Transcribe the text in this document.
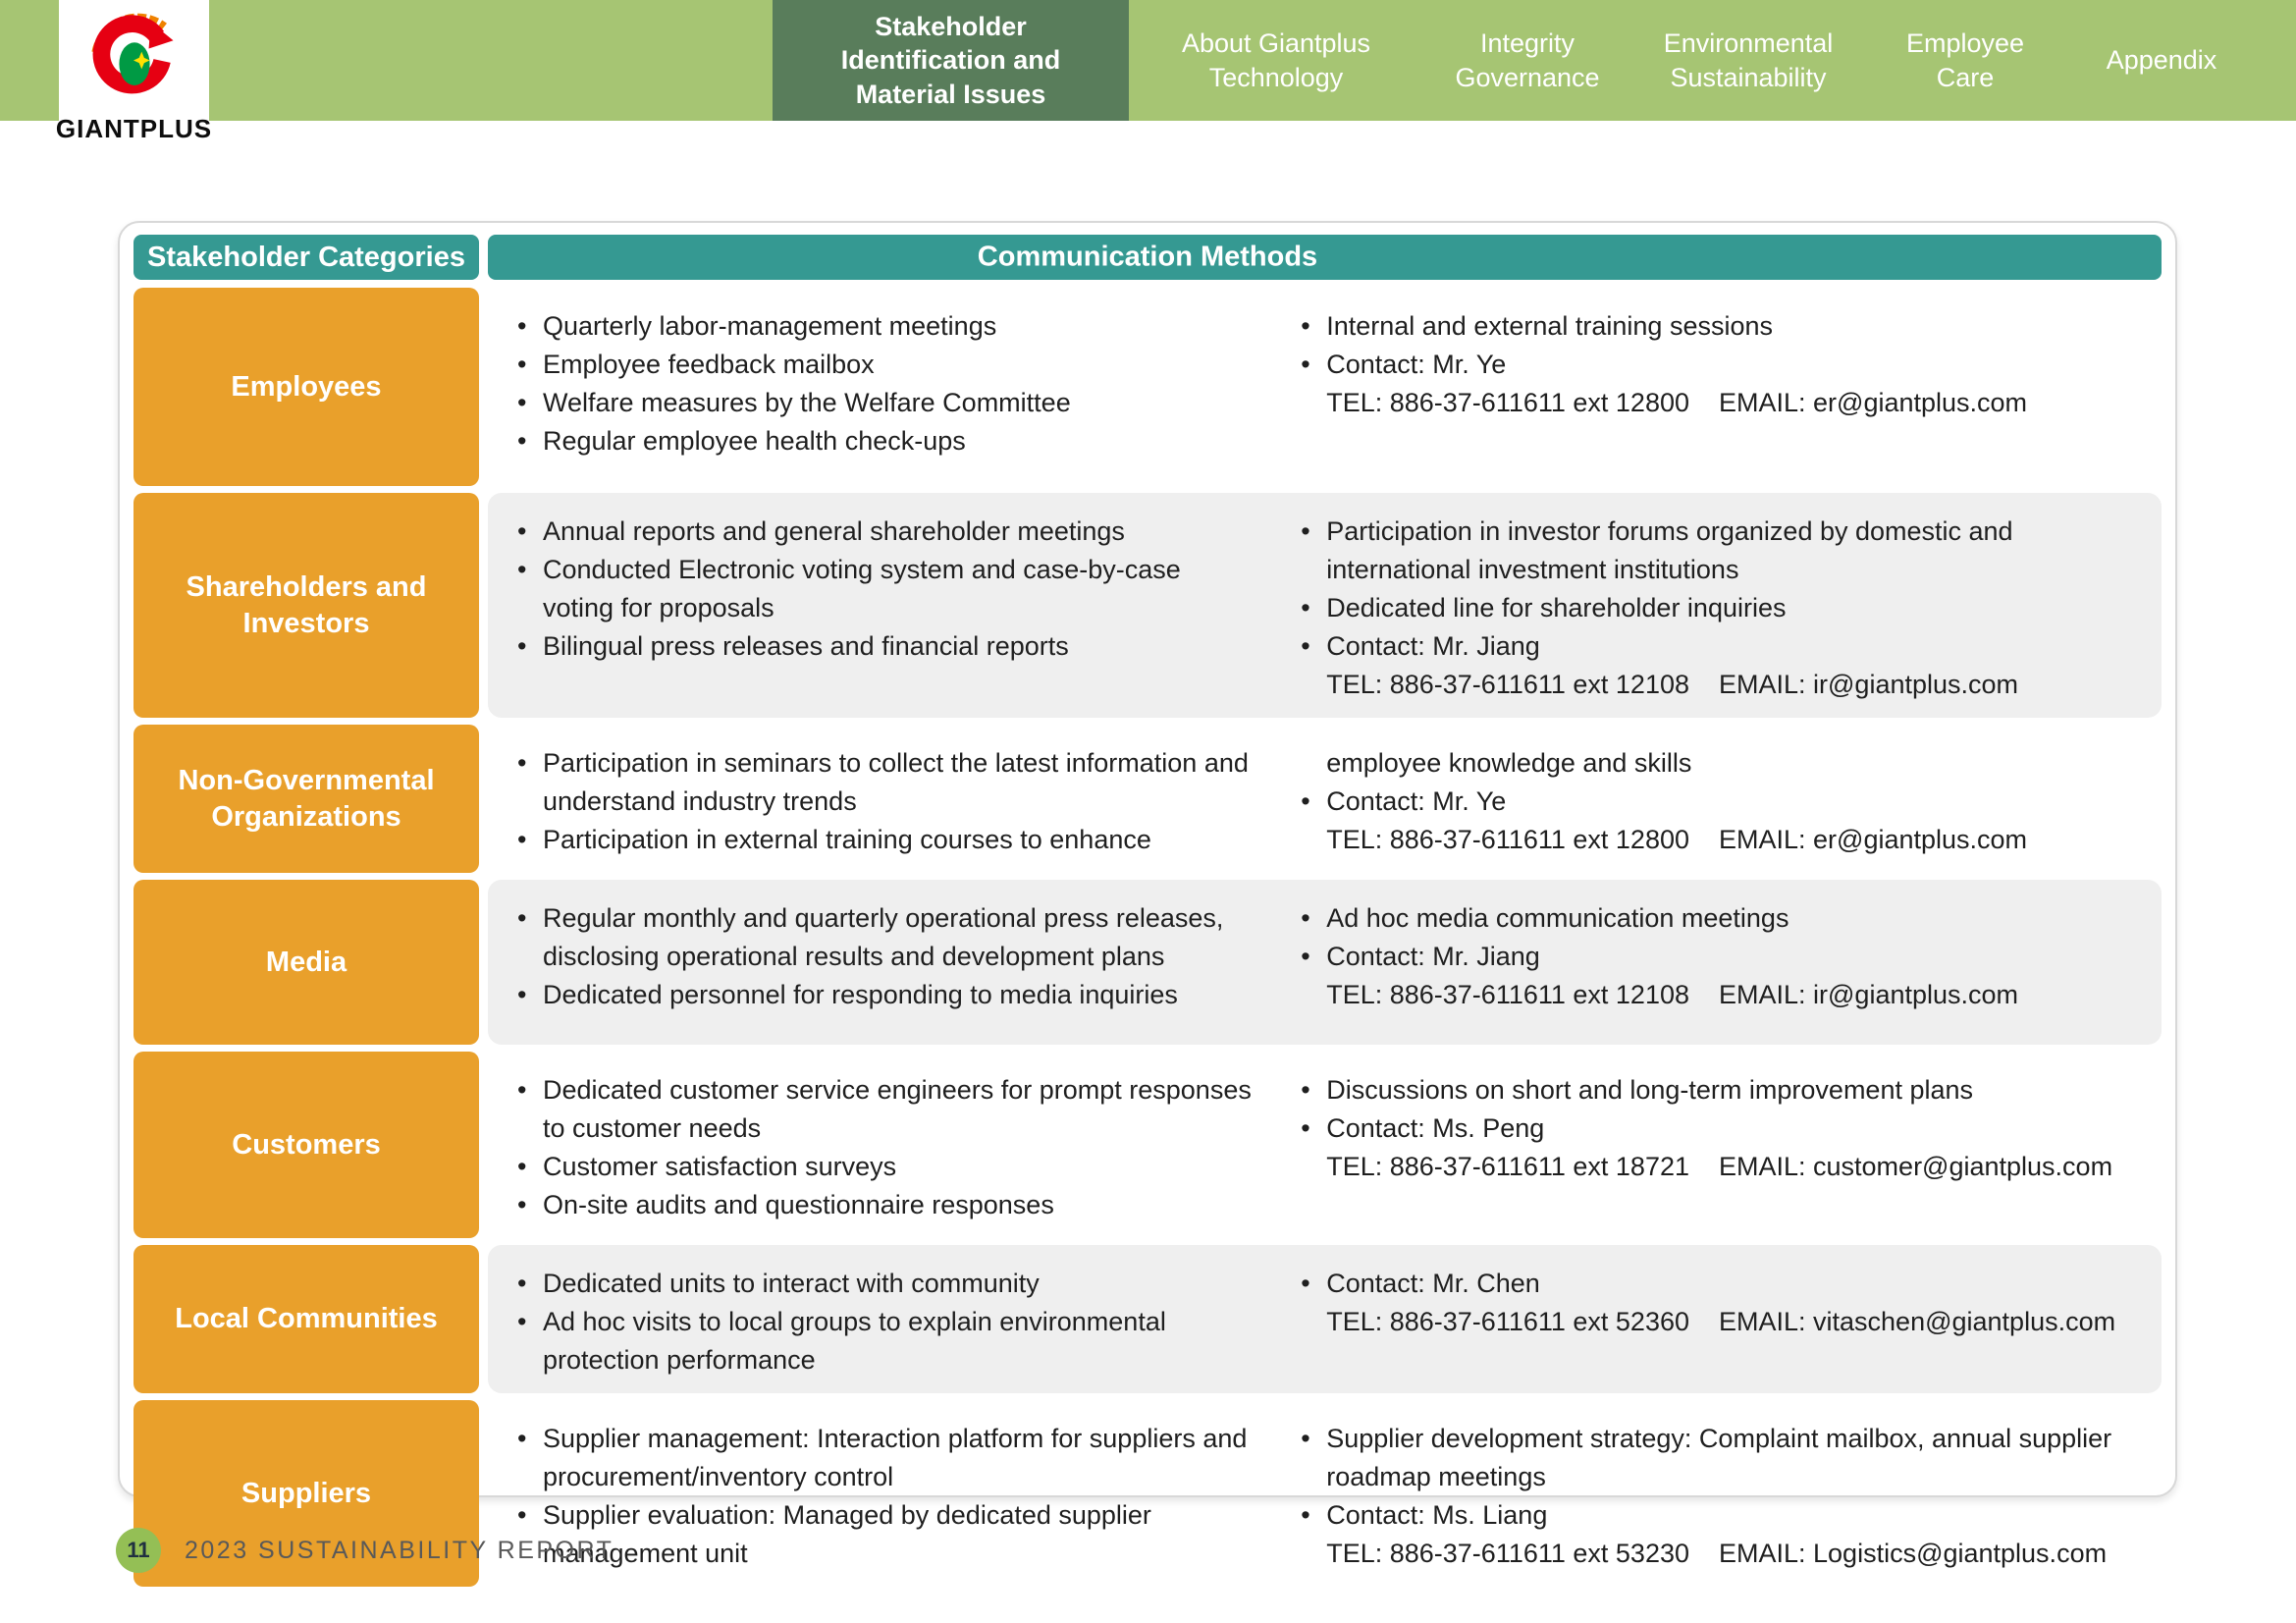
GIANTPLUS
Stakeholder Identification and Material Issues
About Giantplus Technology
Integrity Governance
Environmental Sustainability
Employee Care
Appendix
Stakeholder Categories	Communication Methods
Employees
• Quarterly labor-management meetings
• Employee feedback mailbox
• Welfare measures by the Welfare Committee
• Regular employee health check-ups
• Internal and external training sessions
• Contact: Mr. Ye
TEL: 886-37-611611 ext 12800    EMAIL: er@giantplus.com
Shareholders and Investors
• Annual reports and general shareholder meetings
• Conducted Electronic voting system and case-by-case voting for proposals
• Bilingual press releases and financial reports
• Participation in investor forums organized by domestic and international investment institutions
• Dedicated line for shareholder inquiries
• Contact: Mr. Jiang
TEL: 886-37-611611 ext 12108    EMAIL: ir@giantplus.com
Non-Governmental Organizations
• Participation in seminars to collect the latest information and understand industry trends
• Participation in external training courses to enhance
employee knowledge and skills
• Contact: Mr. Ye
TEL: 886-37-611611 ext 12800    EMAIL: er@giantplus.com
Media
• Regular monthly and quarterly operational press releases, disclosing operational results and development plans
• Dedicated personnel for responding to media inquiries
• Ad hoc media communication meetings
• Contact: Mr. Jiang
TEL: 886-37-611611 ext 12108    EMAIL: ir@giantplus.com
Customers
• Dedicated customer service engineers for prompt responses to customer needs
• Customer satisfaction surveys
• On-site audits and questionnaire responses
• Discussions on short and long-term improvement plans
• Contact: Ms. Peng
TEL: 886-37-611611 ext 18721    EMAIL: customer@giantplus.com
Local Communities
• Dedicated units to interact with community
• Ad hoc visits to local groups to explain environmental protection performance
• Contact: Mr. Chen
TEL: 886-37-611611 ext 52360    EMAIL: vitaschen@giantplus.com
Suppliers
• Supplier management: Interaction platform for suppliers and procurement/inventory control
• Supplier evaluation: Managed by dedicated supplier management unit
• Supplier development strategy: Complaint mailbox, annual supplier roadmap meetings
• Contact: Ms. Liang
TEL: 886-37-611611 ext 53230    EMAIL: Logistics@giantplus.com
11	2023 SUSTAINABILITY REPORT
